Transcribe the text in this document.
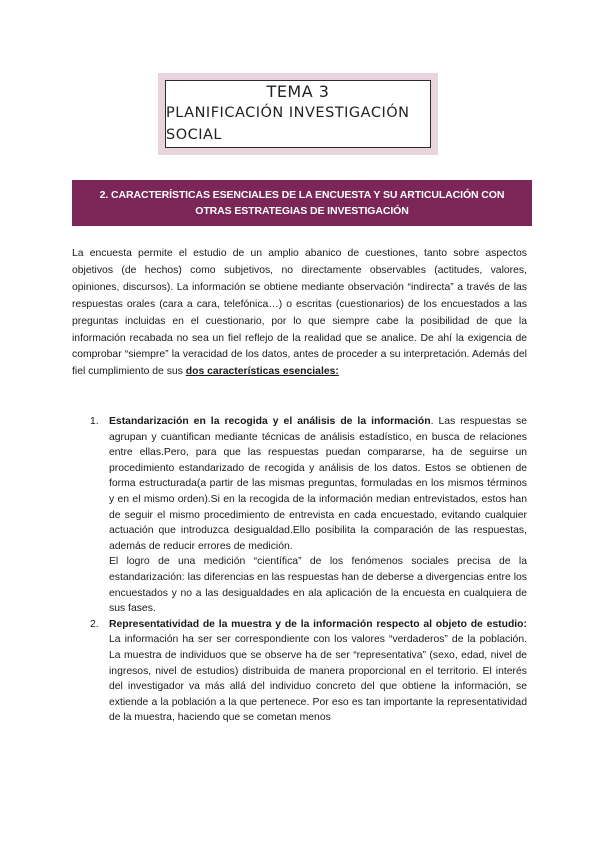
TEMA 3
PLANIFICACIÓN INVESTIGACIÓN SOCIAL
2. CARACTERÍSTICAS ESENCIALES DE LA ENCUESTA Y SU ARTICULACIÓN CON OTRAS ESTRATEGIAS DE INVESTIGACIÓN
La encuesta permite el estudio de un amplio abanico de cuestiones, tanto sobre aspectos objetivos (de hechos) como subjetivos, no directamente observables (actitudes, valores, opiniones, discursos). La información se obtiene mediante observación “indirecta” a través de las respuestas orales (cara a cara, telefónica…) o escritas (cuestionarios) de los encuestados a las preguntas incluidas en el cuestionario, por lo que siempre cabe la posibilidad de que la información recabada no sea un fiel reflejo de la realidad que se analice. De ahí la exigencia de comprobar “siempre” la veracidad de los datos, antes de proceder a su interpretación. Además del fiel cumplimiento de sus dos características esenciales:
1. Estandarización en la recogida y el análisis de la información. Las respuestas se agrupan y cuantifican mediante técnicas de análisis estadístico, en busca de relaciones entre ellas.Pero, para que las respuestas puedan compararse, ha de seguirse un procedimiento estandarizado de recogida y análisis de los datos. Estos se obtienen de forma estructurada(a partir de las mismas preguntas, formuladas en los mismos términos y en el mismo orden).Si en la recogida de la información median entrevistados, estos han de seguir el mismo procedimiento de entrevista en cada encuestado, evitando cualquier actuación que introduzca desigualdad.Ello posibilita la comparación de las respuestas, además de reducir errores de medición.

El logro de una medición “científica” de los fenómenos sociales precisa de la estandarización: las diferencias en las respuestas han de deberse a divergencias entre los encuestados y no a las desigualdades en ala aplicación de la encuesta en cualquiera de sus fases.

2. Representatividad de la muestra y de la información respecto al objeto de estudio: La información ha ser ser correspondiente con los valores “verdaderos” de la población. La muestra de individuos que se observe ha de ser “representativa” (sexo, edad, nivel de ingresos, nivel de estudios) distribuida de manera proporcional en el territorio. El interés del investigador va más allá del individuo concreto del que obtiene la información, se extiende a la población a la que pertenece. Por eso es tan importante la representatividad de la muestra, haciendo que se cometan menos
